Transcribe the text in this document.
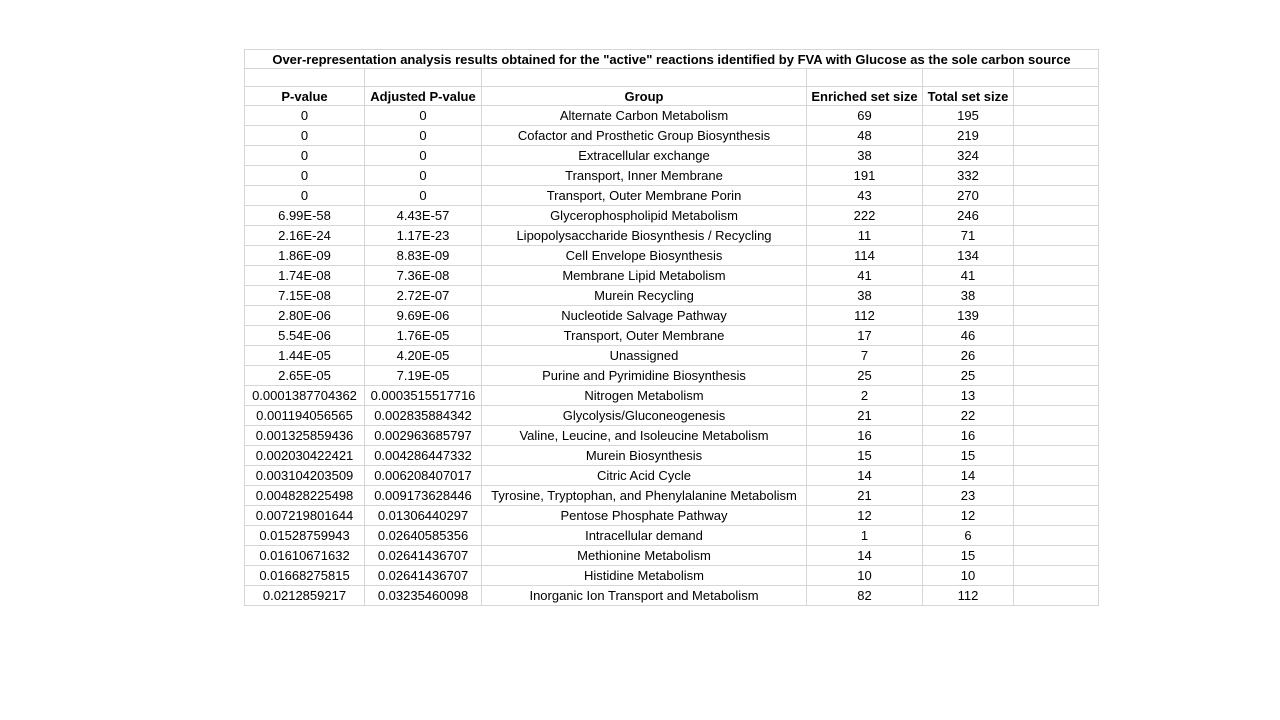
Over-representation analysis results obtained for the "active" reactions identified by FVA with Glucose as the sole carbon source					

P-value	Adjusted P-value	Group	Enriched set size	Total set size	
0	0	Alternate Carbon Metabolism	69	195	
0	0	Cofactor and Prosthetic Group Biosynthesis	48	219	
0	0	Extracellular exchange	38	324	
0	0	Transport, Inner Membrane	191	332	
0	0	Transport, Outer Membrane Porin	43	270	
6.99E-58	4.43E-57	Glycerophospholipid Metabolism	222	246	
2.16E-24	1.17E-23	Lipopolysaccharide Biosynthesis / Recycling	11	71	
1.86E-09	8.83E-09	Cell Envelope Biosynthesis	114	134	
1.74E-08	7.36E-08	Membrane Lipid Metabolism	41	41	
7.15E-08	2.72E-07	Murein Recycling	38	38	
2.80E-06	9.69E-06	Nucleotide Salvage Pathway	112	139	
5.54E-06	1.76E-05	Transport, Outer Membrane	17	46	
1.44E-05	4.20E-05	Unassigned	7	26	
2.65E-05	7.19E-05	Purine and Pyrimidine Biosynthesis	25	25	
0.0001387704362	0.0003515517716	Nitrogen Metabolism	2	13	
0.001194056565	0.002835884342	Glycolysis/Gluconeogenesis	21	22	
0.001325859436	0.002963685797	Valine, Leucine, and Isoleucine Metabolism	16	16	
0.002030422421	0.004286447332	Murein Biosynthesis	15	15	
0.003104203509	0.006208407017	Citric Acid Cycle	14	14	
0.004828225498	0.009173628446	Tyrosine, Tryptophan, and Phenylalanine Metabolism	21	23	
0.007219801644	0.01306440297	Pentose Phosphate Pathway	12	12	
0.01528759943	0.02640585356	Intracellular demand	1	6	
0.01610671632	0.02641436707	Methionine Metabolism	14	15	
0.01668275815	0.02641436707	Histidine Metabolism	10	10	
0.0212859217	0.03235460098	Inorganic Ion Transport and Metabolism	82	112	
